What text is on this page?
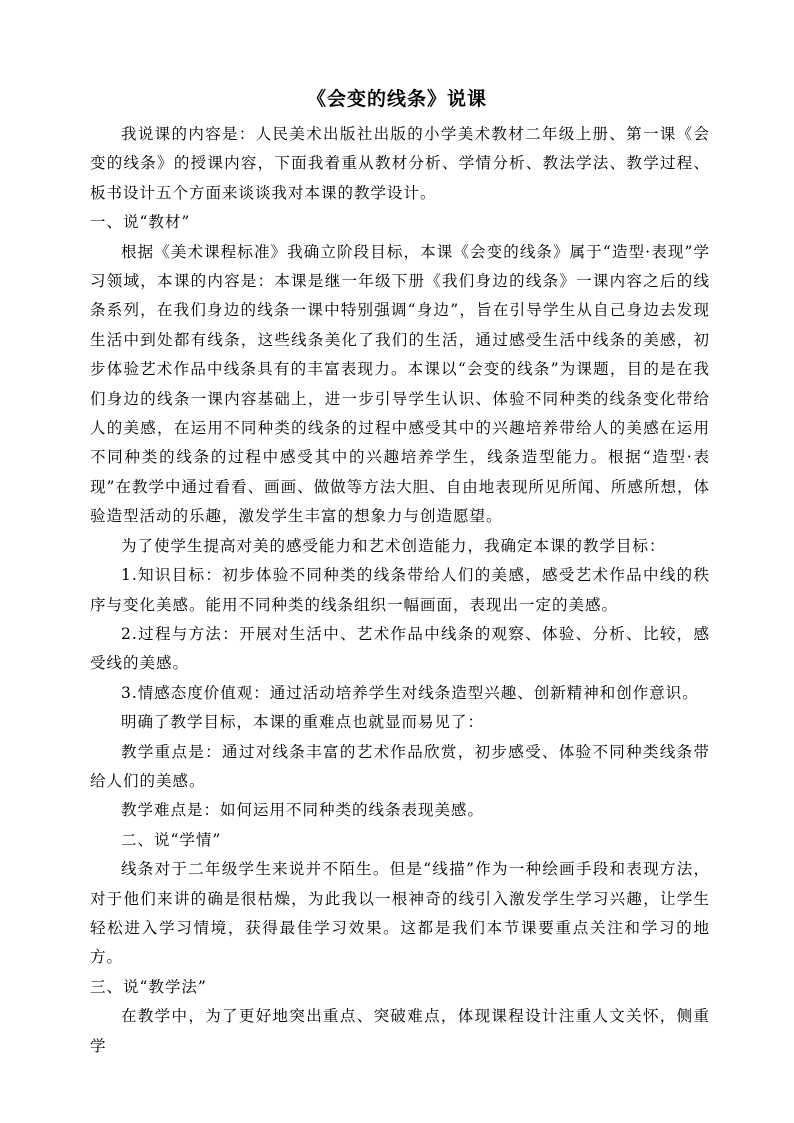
《会变的线条》说课

我说课的内容是：人民美术出版社出版的小学美术教材二年级上册、第一课《会变的线条》的授课内容，下面我着重从教材分析、学情分析、教法学法、教学过程、板书设计五个方面来谈谈我对本课的教学设计。

一、说“教材”

根据《美术课程标准》我确立阶段目标，本课《会变的线条》属于“造型·表现”学习领域，本课的内容是：本课是继一年级下册《我们身边的线条》一课内容之后的线条系列，在我们身边的线条一课中特别强调“身边”，旨在引导学生从自己身边去发现生活中到处都有线条，这些线条美化了我们的生活，通过感受生活中线条的美感，初步体验艺术作品中线条具有的丰富表现力。本课以“会变的线条”为课题，目的是在我们身边的线条一课内容基础上，进一步引导学生认识、体验不同种类的线条变化带给人的美感，在运用不同种类的线条的过程中感受其中的兴趣培养带给人的美感在运用不同种类的线条的过程中感受其中的兴趣培养学生，线条造型能力。根据“造型·表现”在教学中通过看看、画画、做做等方法大胆、自由地表现所见所闻、所感所想，体验造型活动的乐趣，激发学生丰富的想象力与创造愿望。

为了使学生提高对美的感受能力和艺术创造能力，我确定本课的教学目标：

1.知识目标：初步体验不同种类的线条带给人们的美感，感受艺术作品中线的秩序与变化美感。能用不同种类的线条组织一幅画面，表现出一定的美感。

2.过程与方法：开展对生活中、艺术作品中线条的观察、体验、分析、比较，感受线的美感。

3.情感态度价值观：通过活动培养学生对线条造型兴趣、创新精神和创作意识。

明确了教学目标，本课的重难点也就显而易见了：

教学重点是：通过对线条丰富的艺术作品欣赏，初步感受、体验不同种类线条带给人们的美感。

教学难点是：如何运用不同种类的线条表现美感。

二、说“学情”

线条对于二年级学生来说并不陌生。但是“线描”作为一种绘画手段和表现方法，对于他们来讲的确是很枯燥，为此我以一根神奇的线引入激发学生学习兴趣，让学生轻松进入学习情境，获得最佳学习效果。这都是我们本节课要重点关注和学习的地方。

三、说“教学法”

在教学中，为了更好地突出重点、突破难点，体现课程设计注重人文关怀，侧重学
